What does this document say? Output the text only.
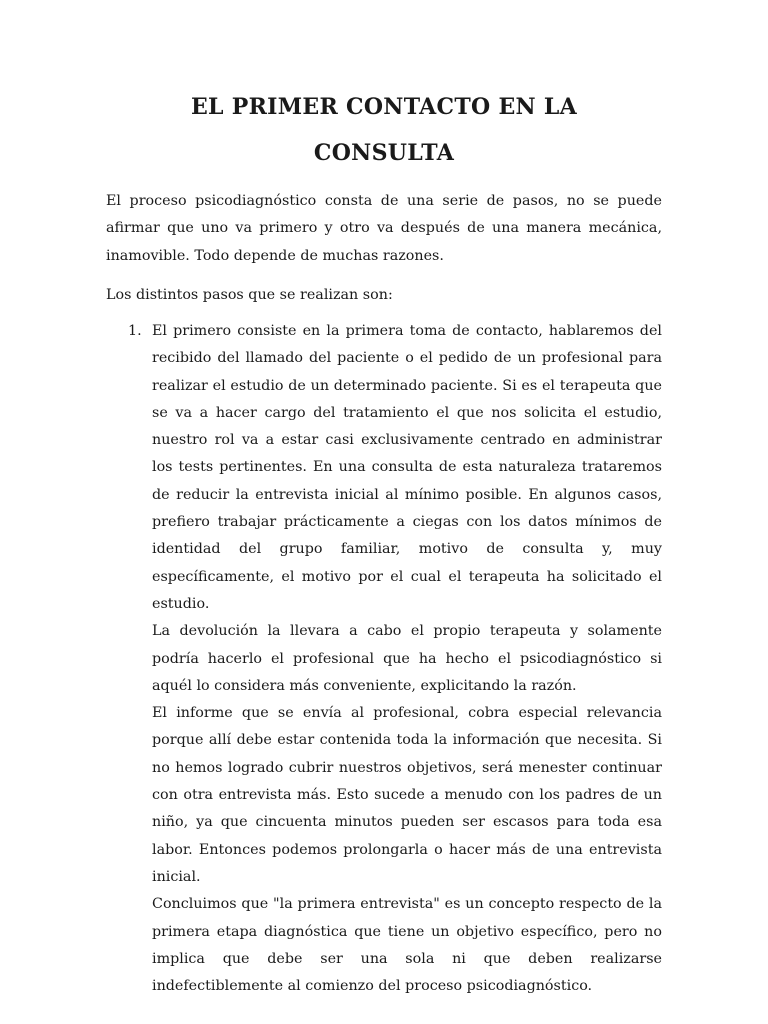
EL PRIMER CONTACTO EN LA
CONSULTA

El proceso psicodiagnóstico consta de una serie de pasos, no se puede afirmar que uno va primero y otro va después de una manera mecánica, inamovible. Todo depende de muchas razones.

Los distintos pasos que se realizan son:

1. El primero consiste en la primera toma de contacto, hablaremos del recibido del llamado del paciente o el pedido de un profesional para realizar el estudio de un determinado paciente. Si es el terapeuta que se va a hacer cargo del tratamiento el que nos solicita el estudio, nuestro rol va a estar casi exclusivamente centrado en administrar los tests pertinentes. En una consulta de esta naturaleza trataremos de reducir la entrevista inicial al mínimo posible. En algunos casos, prefiero trabajar prácticamente a ciegas con los datos mínimos de identidad del grupo familiar, motivo de consulta y, muy específicamente, el motivo por el cual el terapeuta ha solicitado el estudio.

La devolución la llevara a cabo el propio terapeuta y solamente podría hacerlo el profesional que ha hecho el psicodiagnóstico si aquél lo considera más conveniente, explicitando la razón.

El informe que se envía al profesional, cobra especial relevancia porque allí debe estar contenida toda la información que necesita. Si no hemos logrado cubrir nuestros objetivos, será menester continuar con otra entrevista más. Esto sucede a menudo con los padres de un niño, ya que cincuenta minutos pueden ser escasos para toda esa labor. Entonces podemos prolongarla o hacer más de una entrevista inicial.

Concluimos que "la primera entrevista" es un concepto respecto de la primera etapa diagnóstica que tiene un objetivo específico, pero no implica que debe ser una sola ni que deben realizarse indefectiblemente al comienzo del proceso psicodiagnóstico.
